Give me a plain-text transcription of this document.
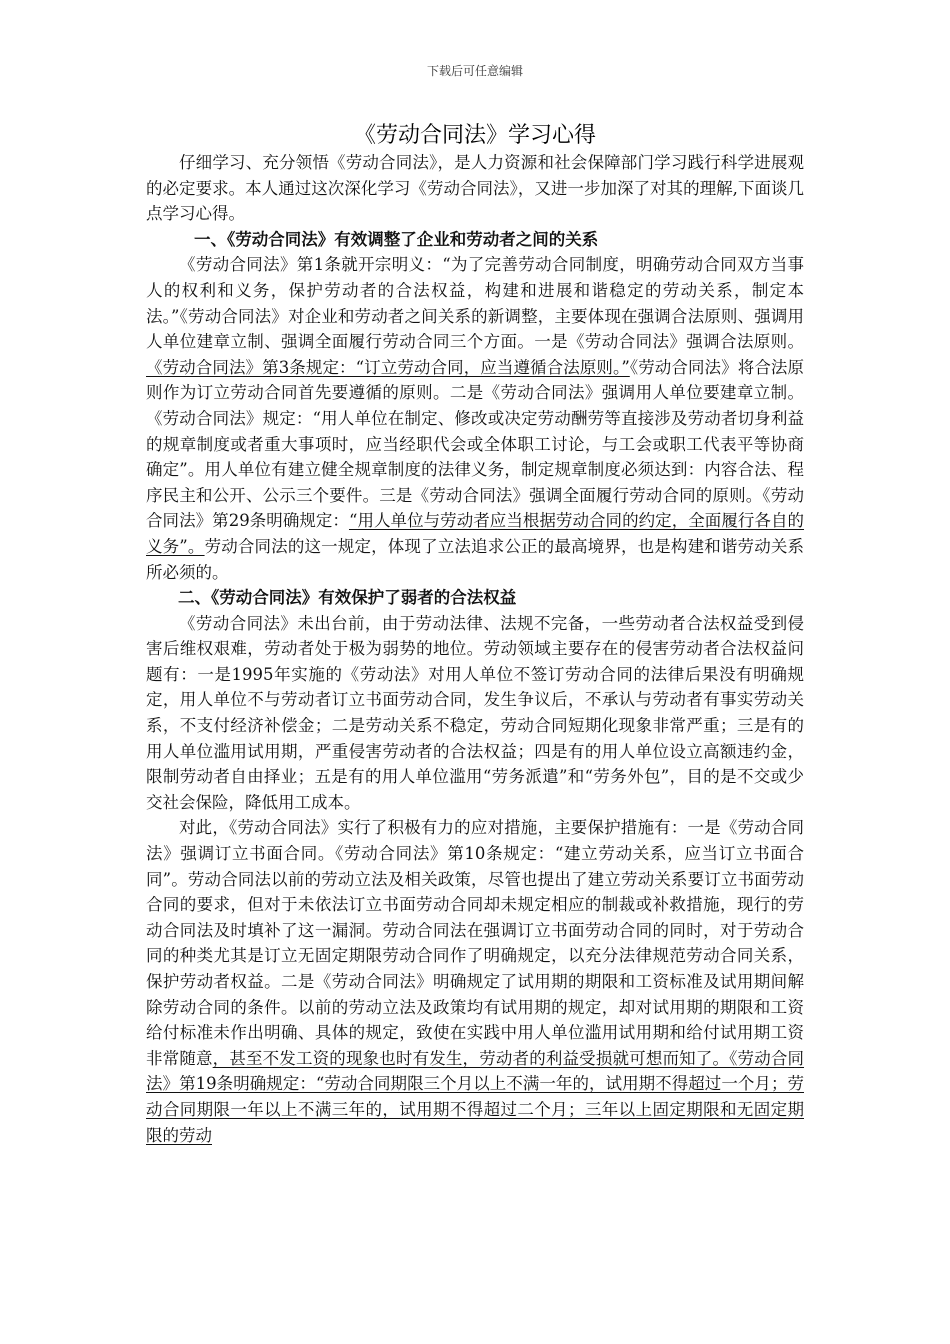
下载后可任意编辑
《劳动合同法》学习心得

仔细学习、充分领悟《劳动合同法》，是人力资源和社会保障部门学习践行科学进展观的必定要求。本人通过这次深化学习《劳动合同法》，又进一步加深了对其的理解,下面谈几点学习心得。

一、《劳动合同法》有效调整了企业和劳动者之间的关系

《劳动合同法》第1条就开宗明义：“为了完善劳动合同制度，明确劳动合同双方当事人的权利和义务，保护劳动者的合法权益，构建和进展和谐稳定的劳动关系，制定本法。”《劳动合同法》对企业和劳动者之间关系的新调整，主要体现在强调合法原则、强调用人单位建章立制、强调全面履行劳动合同三个方面。一是《劳动合同法》强调合法原则。《劳动合同法》第3条规定：“订立劳动合同，应当遵循合法原则。”《劳动合同法》将合法原则作为订立劳动合同首先要遵循的原则。二是《劳动合同法》强调用人单位要建章立制。《劳动合同法》规定：“用人单位在制定、修改或决定劳动酬劳等直接涉及劳动者切身利益的规章制度或者重大事项时，应当经职代会或全体职工讨论，与工会或职工代表平等协商确定”。用人单位有建立健全规章制度的法律义务，制定规章制度必须达到：内容合法、程序民主和公开、公示三个要件。三是《劳动合同法》强调全面履行劳动合同的原则。《劳动合同法》第29条明确规定：“用人单位与劳动者应当根据劳动合同的约定，全面履行各自的义务”。劳动合同法的这一规定，体现了立法追求公正的最高境界，也是构建和谐劳动关系所必须的。

二、《劳动合同法》有效保护了弱者的合法权益

《劳动合同法》未出台前，由于劳动法律、法规不完备，一些劳动者合法权益受到侵害后维权艰难，劳动者处于极为弱势的地位。劳动领域主要存在的侵害劳动者合法权益问题有：一是1995年实施的《劳动法》对用人单位不签订劳动合同的法律后果没有明确规定，用人单位不与劳动者订立书面劳动合同，发生争议后，不承认与劳动者有事实劳动关系，不支付经济补偿金；二是劳动关系不稳定，劳动合同短期化现象非常严重；三是有的用人单位滥用试用期，严重侵害劳动者的合法权益；四是有的用人单位设立高额违约金，限制劳动者自由择业；五是有的用人单位滥用“劳务派遣”和“劳务外包”，目的是不交或少交社会保险，降低用工成本。

对此，《劳动合同法》实行了积极有力的应对措施，主要保护措施有：一是《劳动合同法》强调订立书面合同。《劳动合同法》第10条规定：“建立劳动关系，应当订立书面合同”。劳动合同法以前的劳动立法及相关政策，尽管也提出了建立劳动关系要订立书面劳动合同的要求，但对于未依法订立书面劳动合同却未规定相应的制裁或补救措施，现行的劳动合同法及时填补了这一漏洞。劳动合同法在强调订立书面劳动合同的同时，对于劳动合同的种类尤其是订立无固定期限劳动合同作了明确规定，以充分法律规范劳动合同关系，保护劳动者权益。二是《劳动合同法》明确规定了试用期的期限和工资标准及试用期间解除劳动合同的条件。以前的劳动立法及政策均有试用期的规定，却对试用期的期限和工资给付标准未作出明确、具体的规定，致使在实践中用人单位滥用试用期和给付试用期工资非常随意，甚至不发工资的现象也时有发生，劳动者的利益受损就可想而知了。《劳动合同法》第19条明确规定：“劳动合同期限三个月以上不满一年的，试用期不得超过一个月；劳动合同期限一年以上不满三年的，试用期不得超过二个月；三年以上固定期限和无固定期限的劳动
